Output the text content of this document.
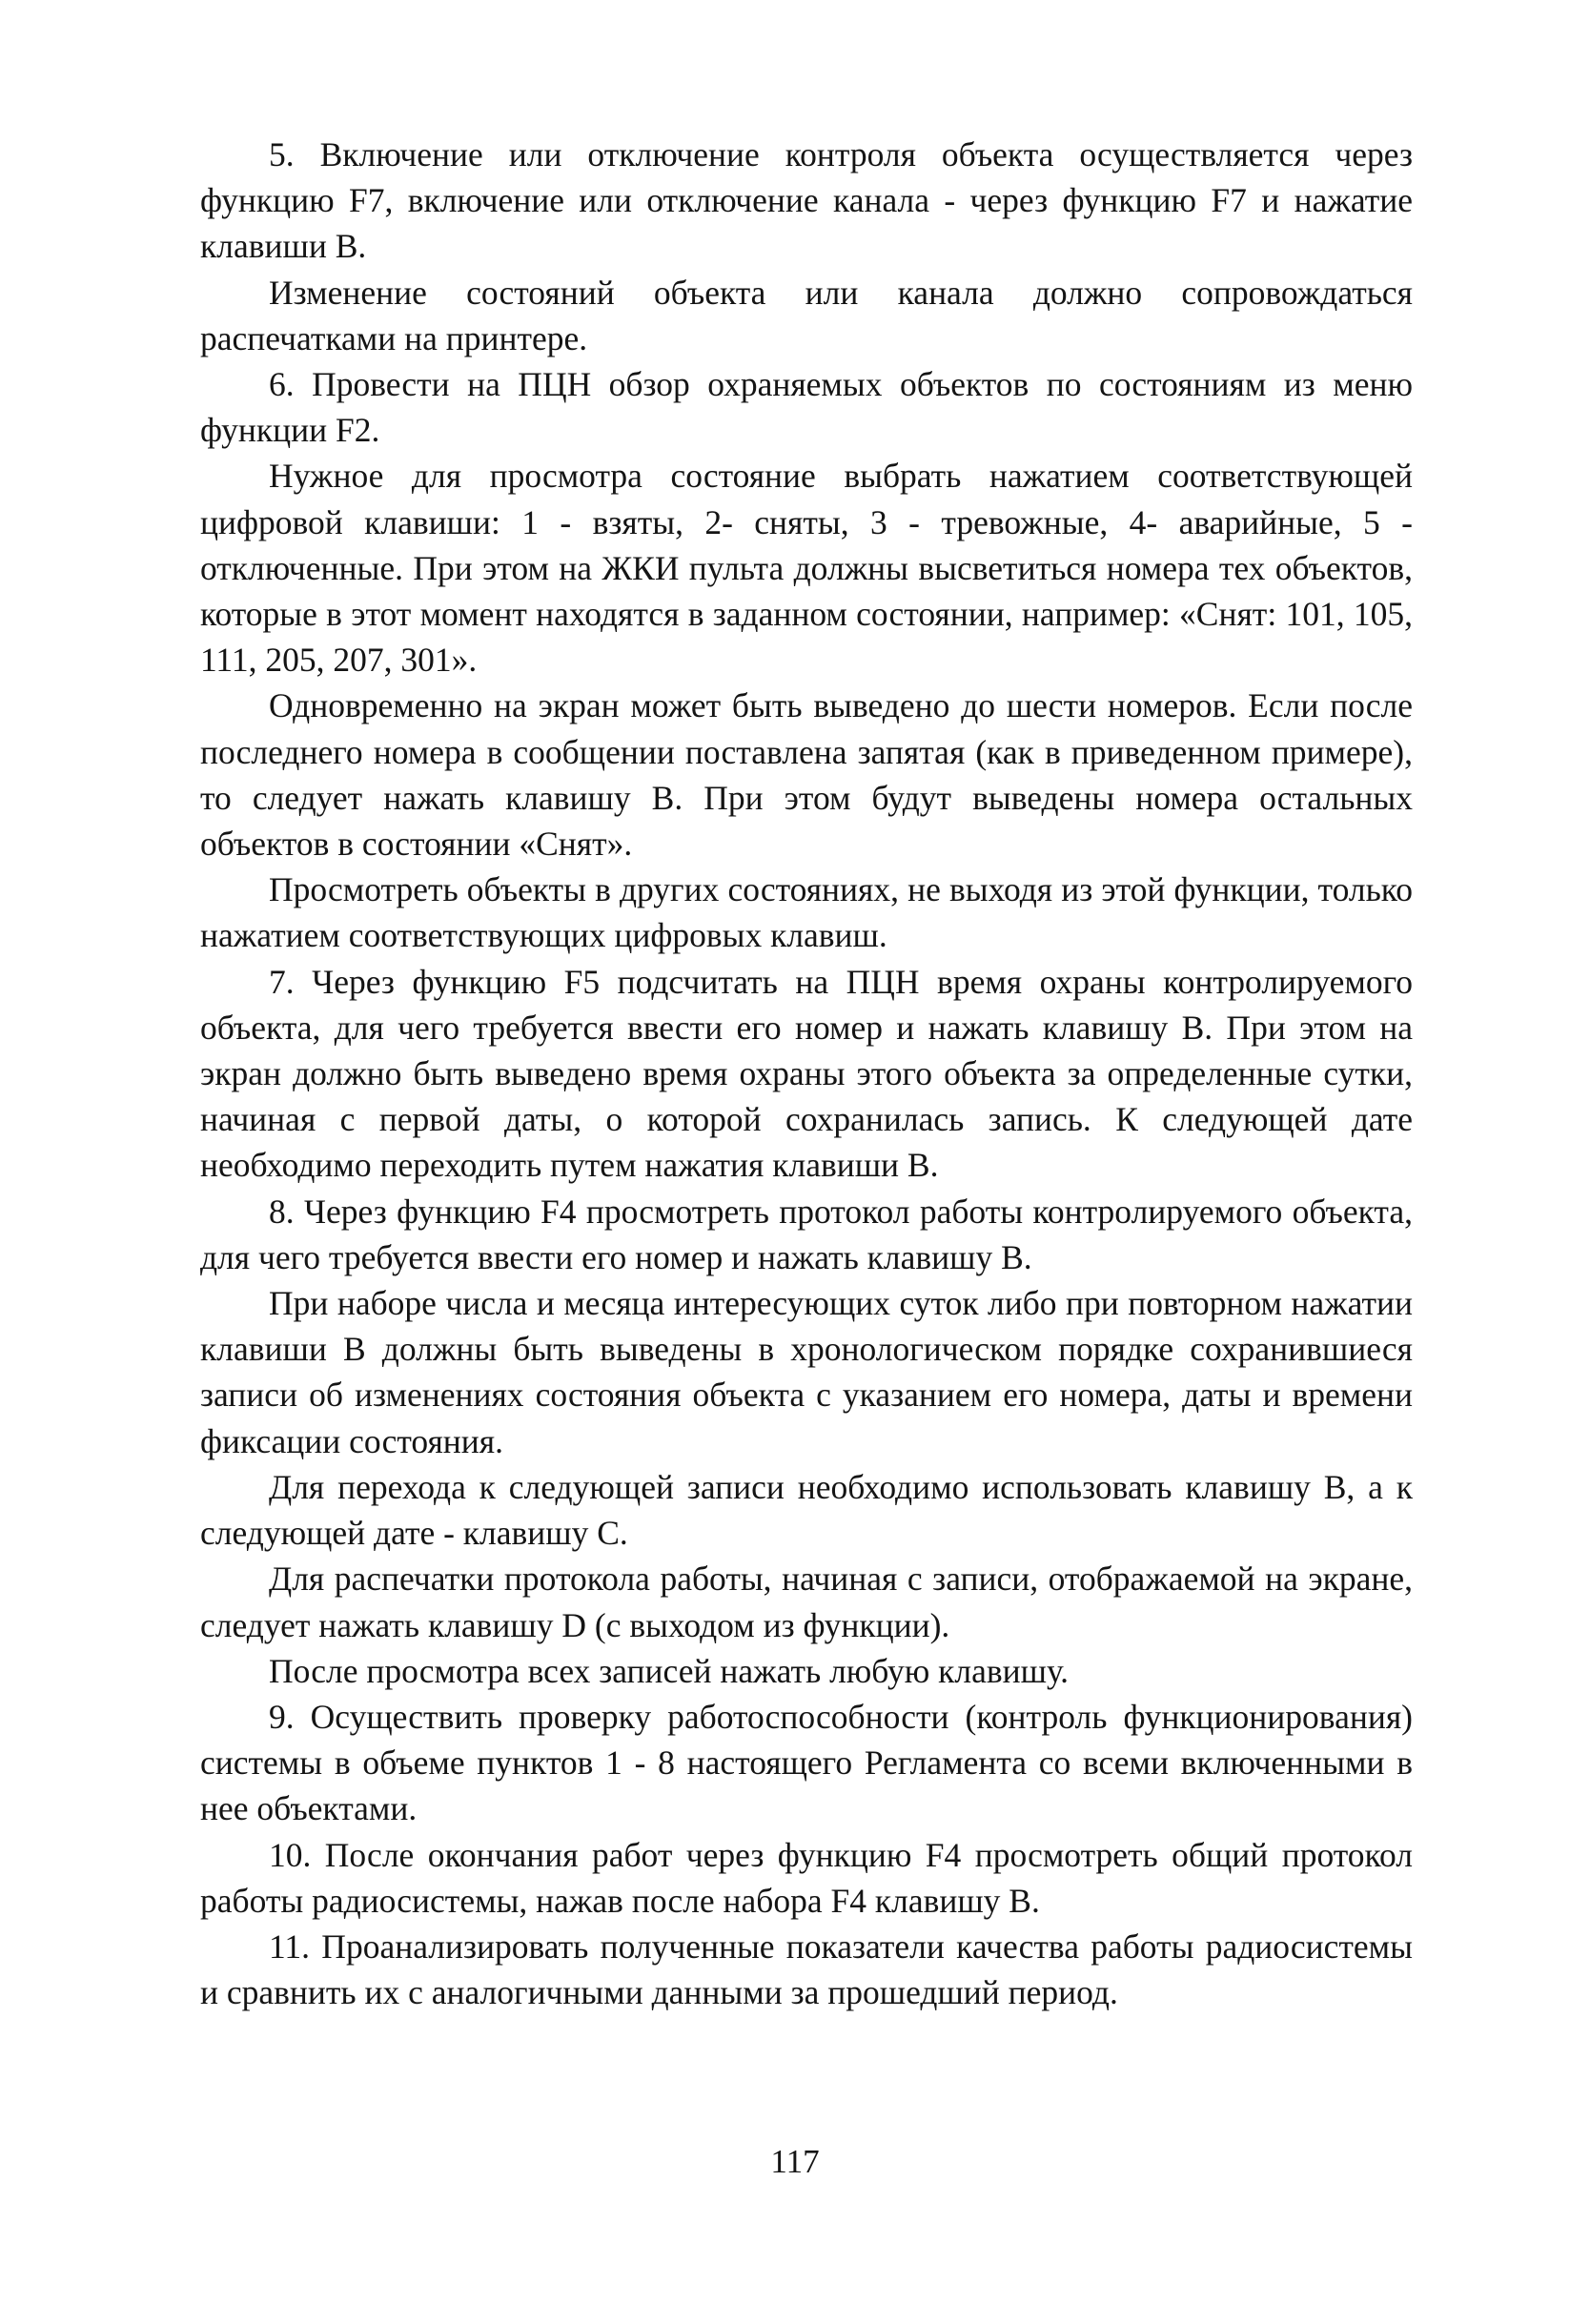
5. Включение или отключение контроля объекта осуществляется через функцию F7, включение или отключение канала - через функцию F7 и нажатие клавиши B.

Изменение состояний объекта или канала должно сопровождаться распечатками на принтере.

6. Провести на ПЦН обзор охраняемых объектов по состояниям из меню функции F2.

Нужное для просмотра состояние выбрать нажатием соответствующей цифровой клавиши: 1 - взяты, 2- сняты, 3 - тревожные, 4- аварийные, 5 - отключенные. При этом на ЖКИ пульта должны высветиться номера тех объектов, которые в этот момент находятся в заданном состоянии, например: «Снят: 101, 105, 111, 205, 207, 301».

Одновременно на экран может быть выведено до шести номеров. Если после последнего номера в сообщении поставлена запятая (как в приведенном примере), то следует нажать клавишу B. При этом будут выведены номера остальных объектов в состоянии «Снят».

Просмотреть объекты в других состояниях, не выходя из этой функции, только нажатием соответствующих цифровых клавиш.

7. Через функцию F5 подсчитать на ПЦН время охраны контролируемого объекта, для чего требуется ввести его номер и нажать клавишу B. При этом на экран должно быть выведено время охраны этого объекта за определенные сутки, начиная с первой даты, о которой сохранилась запись. К следующей дате необходимо переходить путем нажатия клавиши B.

8. Через функцию F4 просмотреть протокол работы контролируемого объекта, для чего требуется ввести его номер и нажать клавишу B.

При наборе числа и месяца интересующих суток либо при повторном нажатии клавиши B должны быть выведены в хронологическом порядке сохранившиеся записи об изменениях состояния объекта с указанием его номера, даты и времени фиксации состояния.

Для перехода к следующей записи необходимо использовать клавишу B, а к следующей дате - клавишу C.

Для распечатки протокола работы, начиная с записи, отображаемой на экране, следует нажать клавишу D (с выходом из функции).

После просмотра всех записей нажать любую клавишу.

9. Осуществить проверку работоспособности (контроль функционирования) системы в объеме пунктов 1 - 8 настоящего Регламента со всеми включенными в нее объектами.

10. После окончания работ через функцию F4 просмотреть общий протокол работы радиосистемы, нажав после набора F4 клавишу B.

11. Проанализировать полученные показатели качества работы радиосистемы и сравнить их с аналогичными данными за прошедший период.

117
